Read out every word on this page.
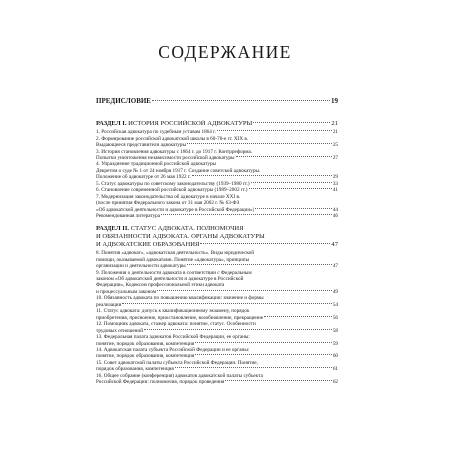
СОДЕРЖАНИЕ
ПРЕДИСЛОВИЕ	19
РАЗДЕЛ I. ИСТОРИЯ РОССИЙСКОЙ АДВОКАТУРЫ	21
1. Российская адвокатура по судебным уставам 1864 г.	21
2. Формирование российской адвокатской школы в 60-70-е гг. XIX в.
Выдающиеся представители адвокатуры	25
3. История становления адвокатуры с 1864 г. до 1917 г. Контрреформа.
Попытки уничтожения независимости российской адвокатуры	27
4. Упразднение традиционной российской адвокатуры
Декретом о суде № 1 от 24 ноября 1917 г. Создание советской адвокатуры.
Положение об адвокатуре от 26 мая 1922 г.	29
5. Статус адвокатуры по советскому законодательству (1939–1980 гг.)	33
6. Становление современной российской адвокатуры (1989–2002 гг.)	41
7. Модернизация законодательства об адвокатуре в начале XXI в.
(после принятия Федерального закона от 31 мая 2002 г. № 63-ФЗ
«Об адвокатской деятельности и адвокатуре в Российской Федерации»)	44
Рекомендованная литература	46
РАЗДЕЛ II. СТАТУС АДВОКАТА. ПОЛНОМОЧИЯ
И ОБЯЗАННОСТИ АДВОКАТА. ОРГАНЫ АДВОКАТУРЫ
И АДВОКАТСКИЕ ОБРАЗОВАНИЯ	47
8. Понятия «адвокат», «адвокатская деятельность». Виды юридической
помощи, оказываемой адвокатами. Понятие «адвокатура», принципы
организации и деятельности адвокатуры	47
9. Положения о деятельности адвоката в соответствии с Федеральным
законом «Об адвокатской деятельности и адвокатуре в Российской
Федерации», Кодексом профессиональной этики адвоката
и процессуальным законом	49
10. Обязанность адвоката по повышению квалификации: значение и формы
реализации	54
11. Статус адвоката: допуск к квалификационному экзамену, порядок
приобретения, присвоение, приостановление, возобновление, прекращение	56
12. Помощник адвоката, стажер адвоката: понятие, статус. Особенности
трудовых отношений	58
13. Федеральная палата адвокатов Российской Федерации, ее органы:
понятие, порядок образования, компетенция	59
14. Адвокатская палата субъекта Российской Федерации и ее органы:
понятие, порядок образования, компетенция	60
15. Совет адвокатской палаты субъекта Российской Федерации. Понятие,
порядок образования, компетенция	61
16. Общее собрание (конференция) адвокатов адвокатской палаты субъекта
Российской Федерации: полномочия, порядок проведения	62
